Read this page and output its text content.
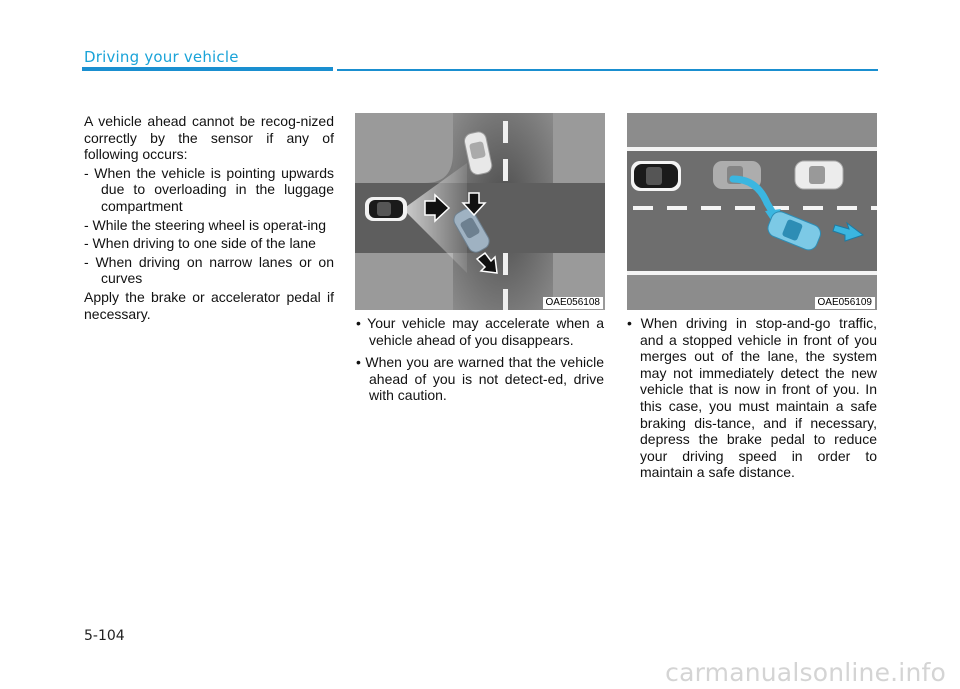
Driving your vehicle

A vehicle ahead cannot be recog-nized correctly by the sensor if any of following occurs:

- When the vehicle is pointing upwards due to overloading in the luggage compartment
- While the steering wheel is operat-ing
- When driving to one side of the lane
- When driving on narrow lanes or on curves

Apply the brake or accelerator pedal if necessary.

OAE056108	OAE056109
• Your vehicle may accelerate when a vehicle ahead of you disappears.
• When you are warned that the vehicle ahead of you is not detect-ed, drive with caution.
• When driving in stop-and-go traffic, and a stopped vehicle in front of you merges out of the lane, the system may not immediately detect the new vehicle that is now in front of you. In this case, you must maintain a safe braking dis-tance, and if necessary, depress the brake pedal to reduce your driving speed in order to maintain a safe distance.
5-104
carmanualsonline.info
